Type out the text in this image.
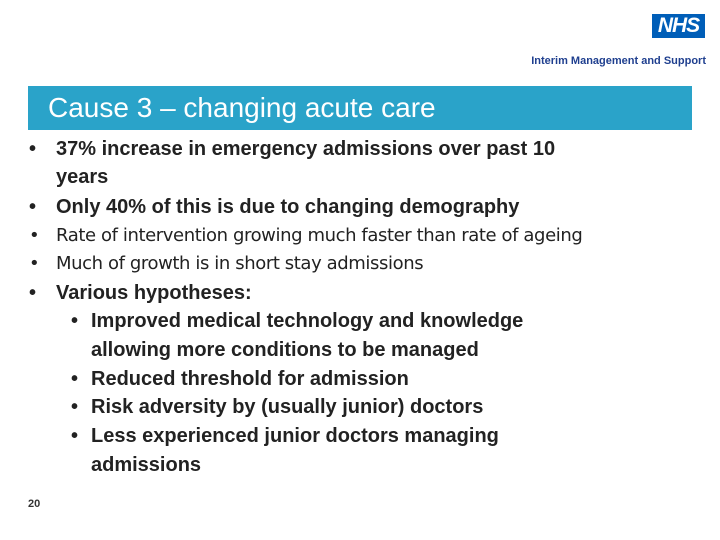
NHS
Interim Management and Support
Cause 3 – changing acute care
• 37% increase in emergency admissions over past 10
years
• Only 40% of this is due to changing demography
• Rate of intervention growing much faster than rate of ageing
• Much of growth is in short stay admissions
• Various hypotheses:
• Improved medical technology and knowledge
allowing more conditions to be managed
• Reduced threshold for admission
• Risk adversity by (usually junior) doctors
• Less experienced junior doctors managing
admissions
20
